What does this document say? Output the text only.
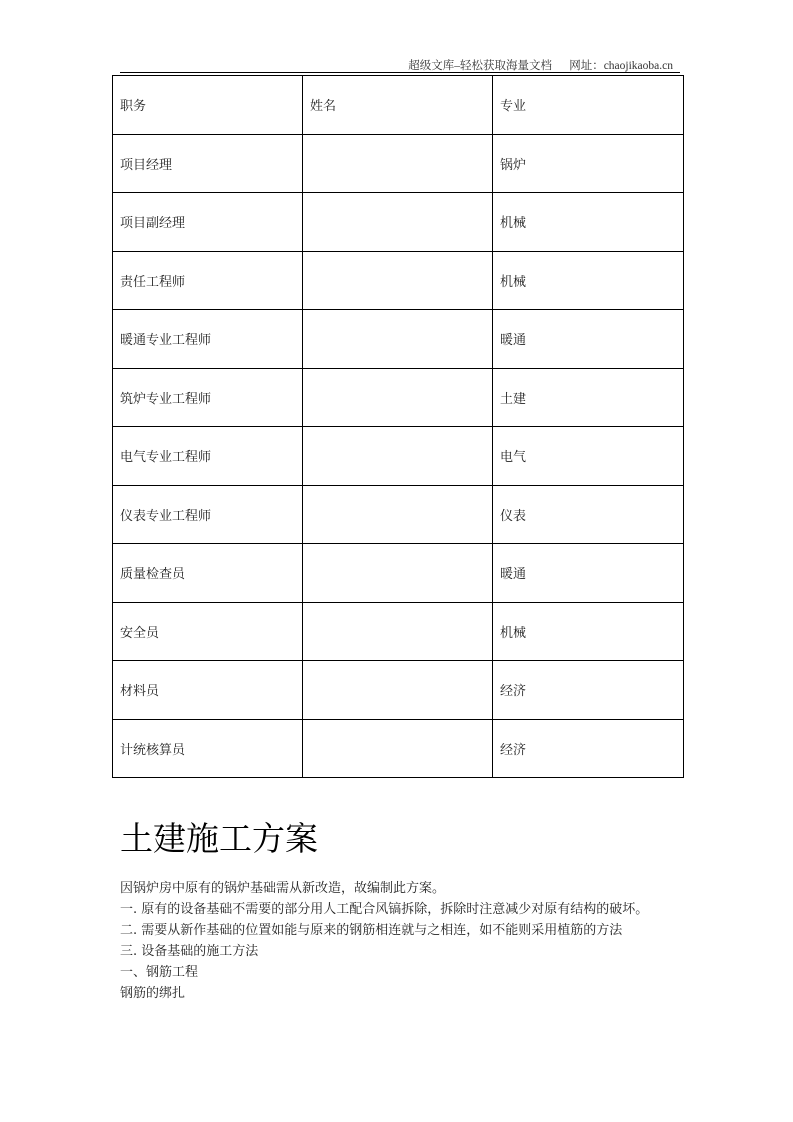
超级文库–轻松获取海量文档 网址：chaojikaoba.cn
职务	姓名	专业
项目经理		锅炉
项目副经理		机械
责任工程师		机械
暖通专业工程师		暖通
筑炉专业工程师		土建
电气专业工程师		电气
仪表专业工程师		仪表
质量检查员		暖通
安全员		机械
材料员		经济
计统核算员		经济
土建施工方案

因锅炉房中原有的锅炉基础需从新改造，故编制此方案。

一. 原有的设备基础不需要的部分用人工配合风镐拆除，拆除时注意减少对原有结构的破坏。

二. 需要从新作基础的位置如能与原来的钢筋相连就与之相连，如不能则采用植筋的方法

三. 设备基础的施工方法

一、钢筋工程

钢筋的绑扎
